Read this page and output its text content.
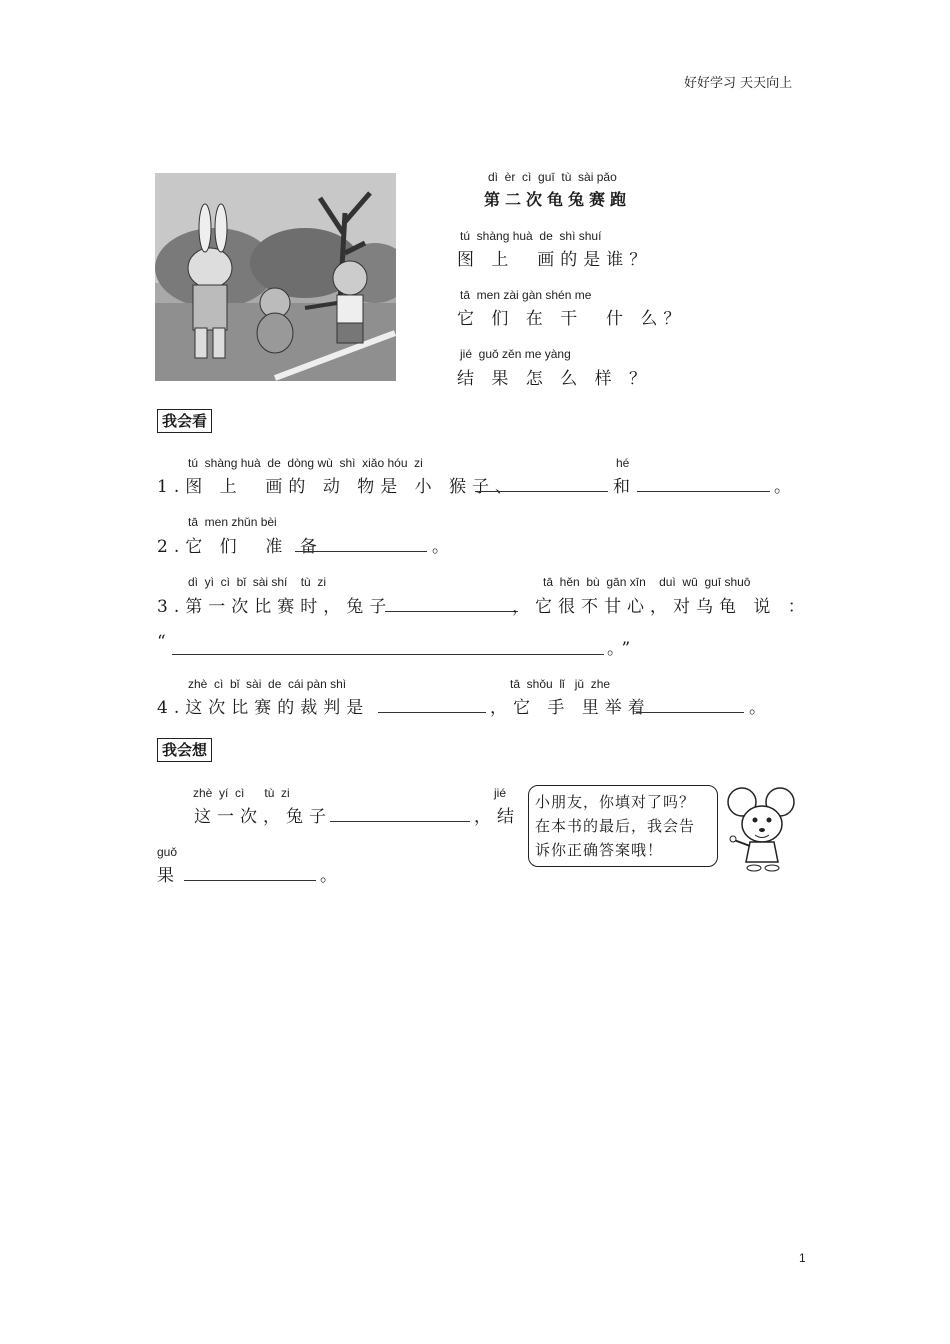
好好学习 天天向上
dì  èr  cì  guī  tù  sài pǎo
第二次龟兔赛跑
tú  shàng huà  de  shì shuí
图 上  画的是谁？
tā  men zài gàn shén me
它 们 在 干  什 么？
jié  guǒ zěn me yàng
结 果 怎 么 样 ？
我会看
tú  shàng huà  de  dòng wù  shì  xiǎo hóu  zi	hé
1.图 上  画的 动 物是 小 猴子、	和	。
tā  men zhǔn bèi
2.它 们  准 备	。
dì  yì  cì  bǐ  sài shí    tù  zi	tā  hěn  bù  gān xīn    duì  wū  guī shuō
3.第一次比赛时，兔子	，它很不甘心，对乌龟 说 ：
“	。”
zhè  cì  bǐ  sài  de  cái pàn shì	tā  shǒu  lǐ   jǔ  zhe
4.这次比赛的裁判是	，它 手 里举着	。
我会想
zhè  yí  cì      tù  zi	jié
这一次，兔子	，结
guǒ
果	。
小朋友，你填对了吗？
在本书的最后，我会告
诉你正确答案哦！
1
